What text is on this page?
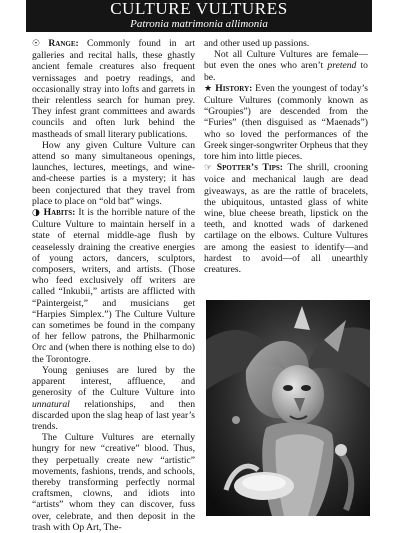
CULTURE VULTURES
Patronia matrimonia allimonia

☉ Range: Commonly found in art galleries and recital halls, these ghastly ancient female creatures also frequent vernissages and poetry readings, and occasionally stray into lofts and garrets in their relentless search for human prey. They infest grant committees and awards councils and often lurk behind the mastheads of small literary publications.

How any given Culture Vulture can attend so many simultaneous openings, launches, lectures, meetings, and wine-and-cheese parties is a mystery; it has been conjectured that they travel from place to place on “old bat” wings.

◑ Habits: It is the horrible nature of the Culture Vulture to maintain herself in a state of eternal middle-age flush by ceaselessly draining the creative energies of young actors, dancers, sculptors, composers, writers, and artists. (Those who feed exclusively off writers are called “Inkubii,” artists are afflicted with “Paintergeist,” and musicians get “Harpies Simplex.”) The Culture Vulture can sometimes be found in the company of her fellow patrons, the Philharmonic Orc and (when there is nothing else to do) the Torontogre.

Young geniuses are lured by the apparent interest, affluence, and generosity of the Culture Vulture into unnatural relationships, and then discarded upon the slag heap of last year’s trends.

The Culture Vultures are eternally hungry for new “creative” blood. Thus, they perpetually create new “artistic” movements, fashions, trends, and schools, thereby transforming perfectly normal craftsmen, clowns, and idiots into “artists” whom they can discover, fuss over, celebrate, and then deposit in the trash with Op Art, The-

and other used up passions.

Not all Culture Vultures are female—but even the ones who aren’t pretend to be.

★ History: Even the youngest of today’s Culture Vultures (commonly known as “Groupies”) are descended from the “Furies” (then disguised as “Maenads”) who so loved the performances of the Greek singer-songwriter Orpheus that they tore him into little pieces.

☞ Spotter’s Tips: The shrill, crooning voice and mechanical laugh are dead giveaways, as are the rattle of bracelets, the ubiquitous, untasted glass of white wine, blue cheese breath, lipstick on the teeth, and knotted wads of darkened cartilage on the elbows. Culture Vultures are among the easiest to identify—and hardest to avoid—of all unearthly creatures.
